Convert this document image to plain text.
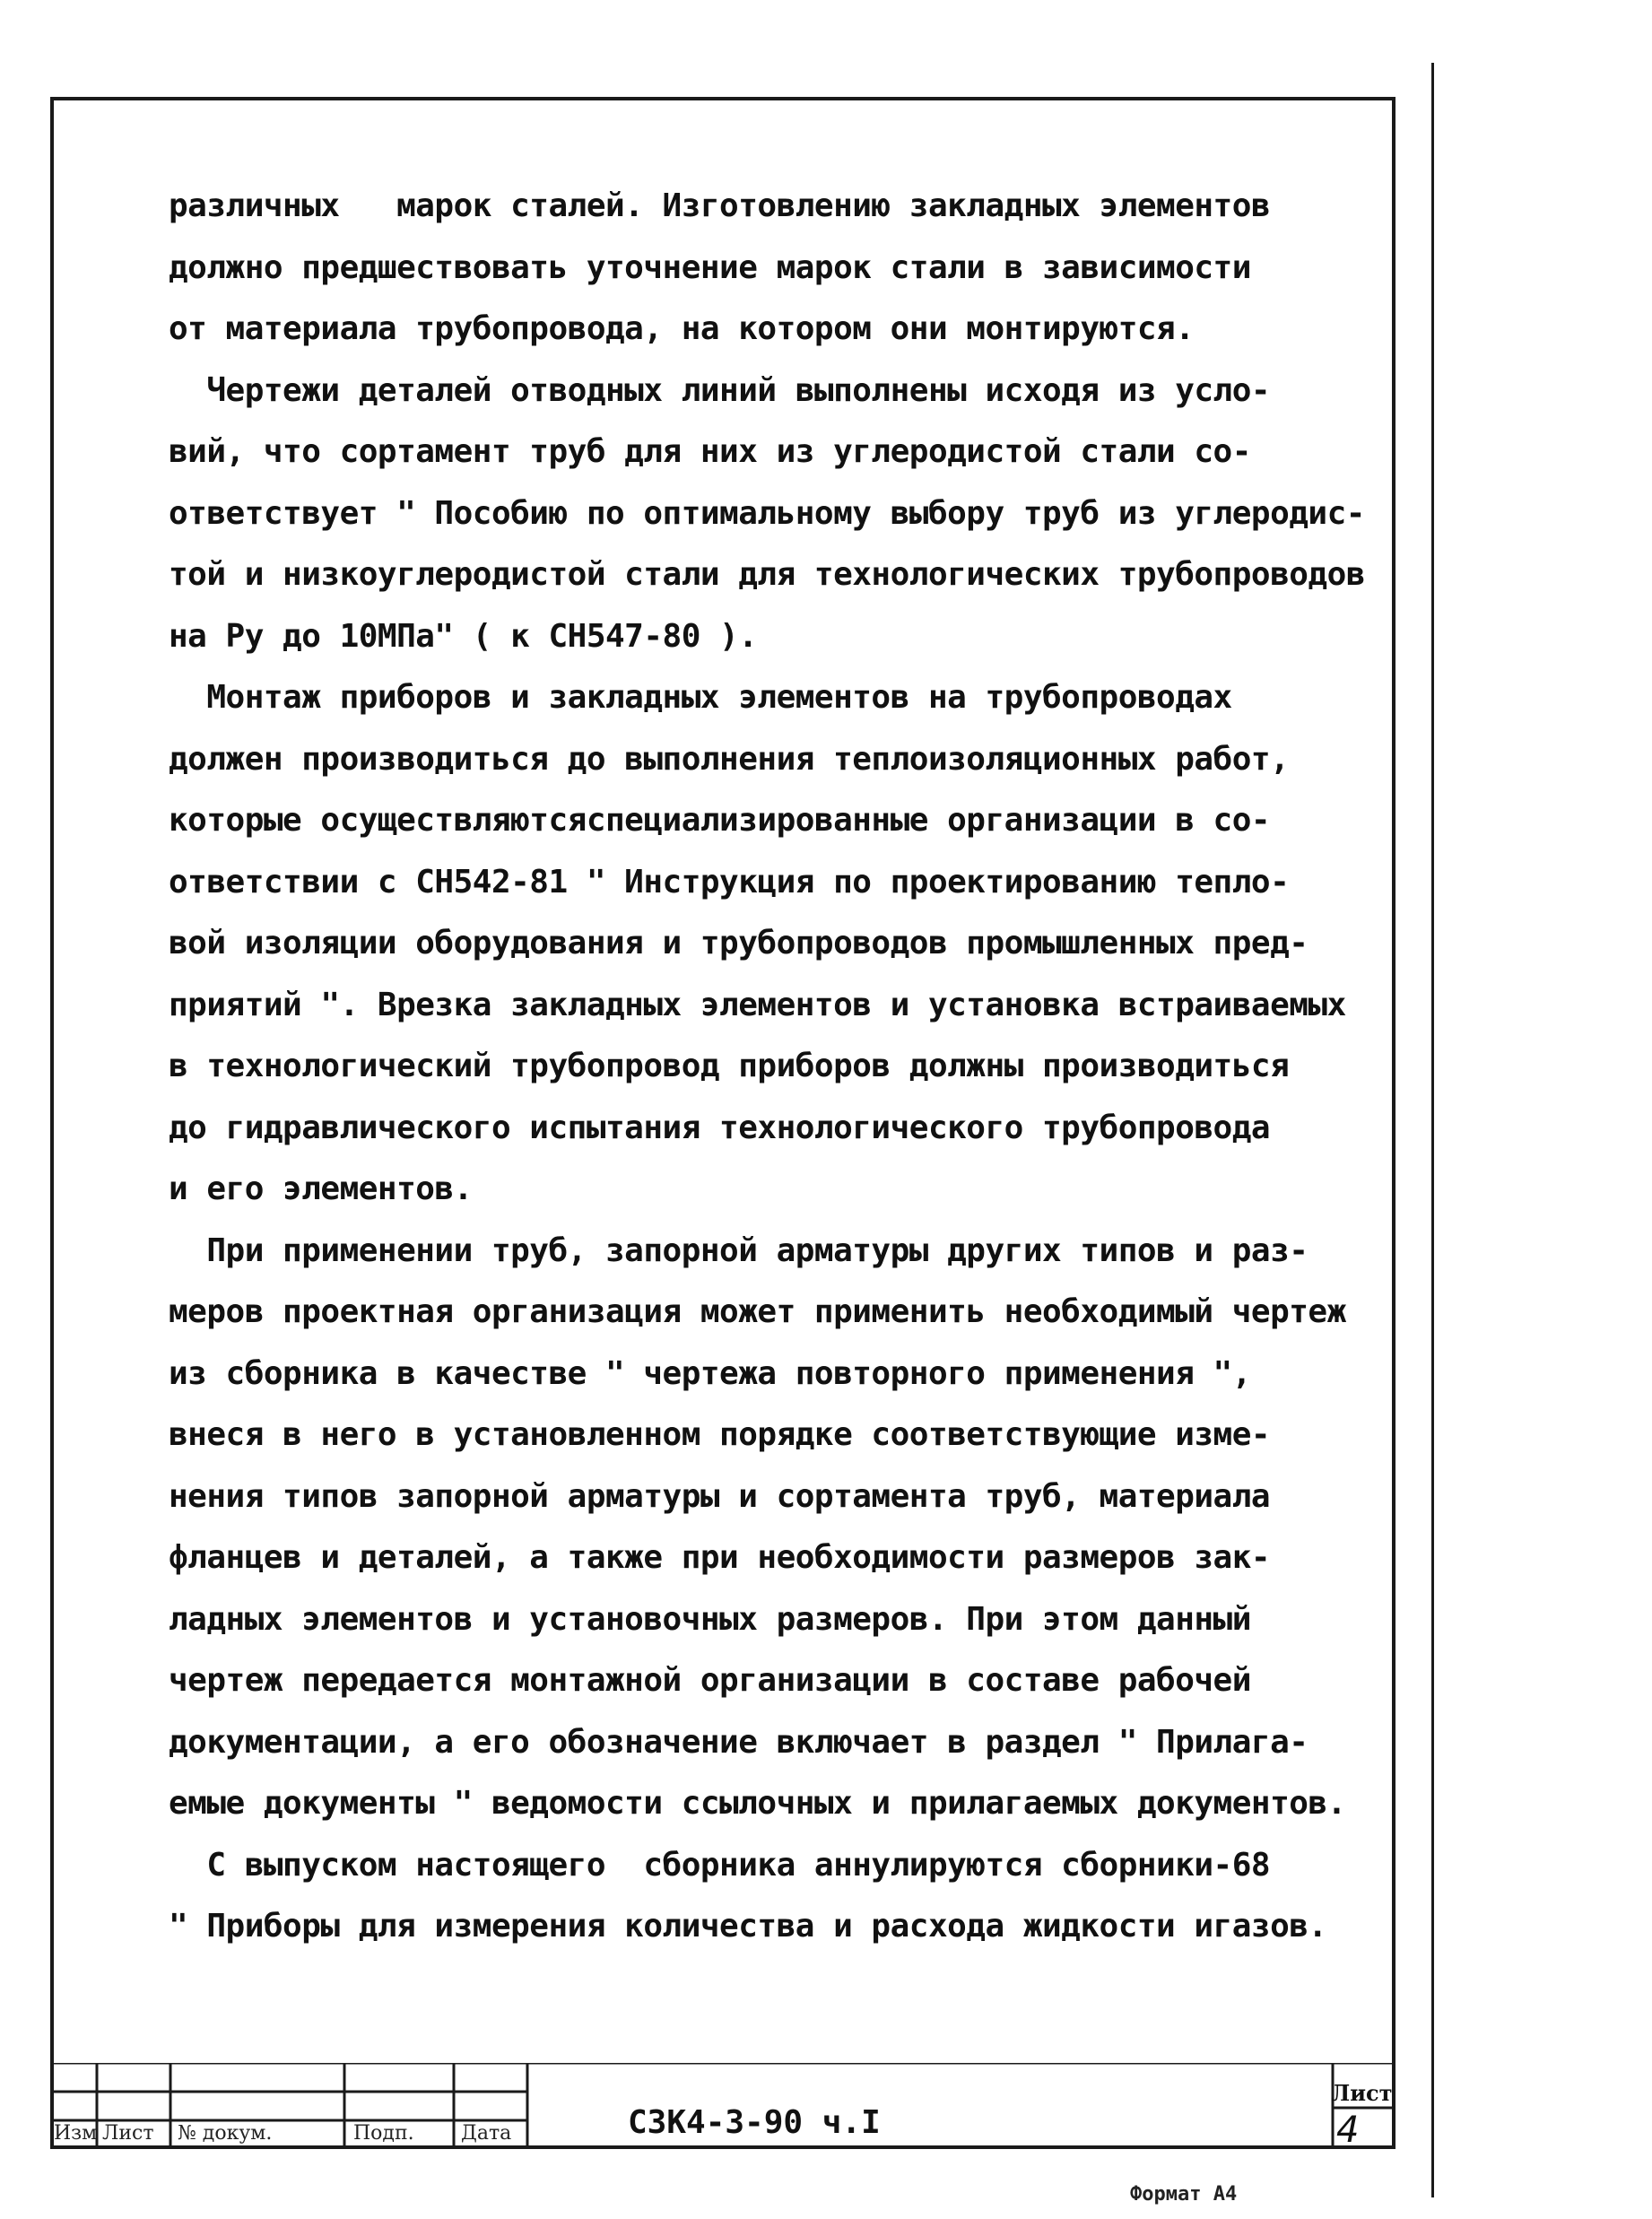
различных   марок сталей. Изготовлению закладных элементов
должно предшествовать уточнение марок стали в зависимости
от материала трубопровода, на котором они монтируются.
Чертежи деталей отводных линий выполнены исходя из усло-
вий, что сортамент труб для них из углеродистой стали со-
ответствует " Пособию по оптимальному выбору труб из углеродис-
той и низкоуглеродистой стали для технологических трубопроводов
на Ру до 10МПа" ( к СН547-80 ).
Монтаж приборов и закладных элементов на трубопроводах
должен производиться до выполнения теплоизоляционных работ,
которые осуществляютсяспециализированные организации в со-
ответствии с СН542-81 " Инструкция по проектированию тепло-
вой изоляции оборудования и трубопроводов промышленных пред-
приятий ". Врезка закладных элементов и установка встраиваемых
в технологический трубопровод приборов должны производиться
до гидравлического испытания технологического трубопровода
и его элементов.
При применении труб, запорной арматуры других типов и раз-
меров проектная организация может применить необходимый чертеж
из сборника в качестве " чертежа повторного применения ",
внеся в него в установленном порядке соответствующие изме-
нения типов запорной арматуры и сортамента труб, материала
фланцев и деталей, а также при необходимости размеров зак-
ладных элементов и установочных размеров. При этом данный
чертеж передается монтажной организации в составе рабочей
документации, а его обозначение включает в раздел " Прилага-
емые документы " ведомости ссылочных и прилагаемых документов.
С выпуском настоящего  сборника аннулируются сборники-68
" Приборы для измерения количества и расхода жидкости игазов.
Изм Лист № докум.	Подп. Дата	СЗК4-3-90 ч.I
Лист
4
Формат А4
